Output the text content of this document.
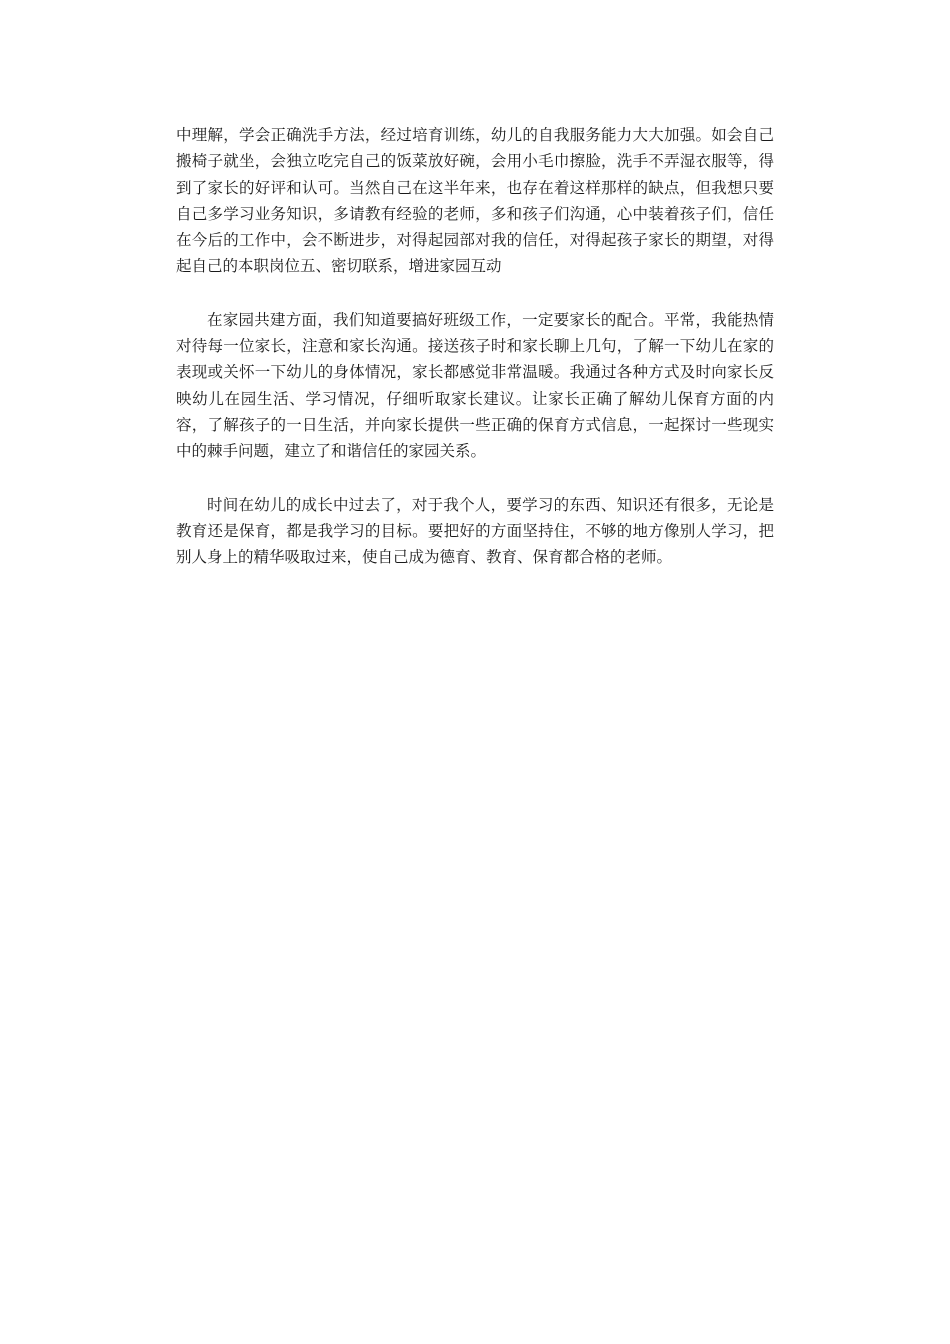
中理解，学会正确洗手方法，经过培育训练，幼儿的自我服务能力大大加强。如会自己搬椅子就坐，会独立吃完自己的饭菜放好碗，会用小毛巾擦脸，洗手不弄湿衣服等，得到了家长的好评和认可。当然自己在这半年来，也存在着这样那样的缺点，但我想只要自己多学习业务知识，多请教有经验的老师，多和孩子们沟通，心中装着孩子们，信任在今后的工作中，会不断进步，对得起园部对我的信任，对得起孩子家长的期望，对得起自己的本职岗位五、密切联系，增进家园互动

在家园共建方面，我们知道要搞好班级工作，一定要家长的配合。平常，我能热情对待每一位家长，注意和家长沟通。接送孩子时和家长聊上几句，了解一下幼儿在家的表现或关怀一下幼儿的身体情况，家长都感觉非常温暖。我通过各种方式及时向家长反映幼儿在园生活、学习情况，仔细听取家长建议。让家长正确了解幼儿保育方面的内容，了解孩子的一日生活，并向家长提供一些正确的保育方式信息，一起探讨一些现实中的棘手问题，建立了和谐信任的家园关系。

时间在幼儿的成长中过去了，对于我个人，要学习的东西、知识还有很多，无论是教育还是保育，都是我学习的目标。要把好的方面坚持住，不够的地方像别人学习，把别人身上的精华吸取过来，使自己成为德育、教育、保育都合格的老师。
